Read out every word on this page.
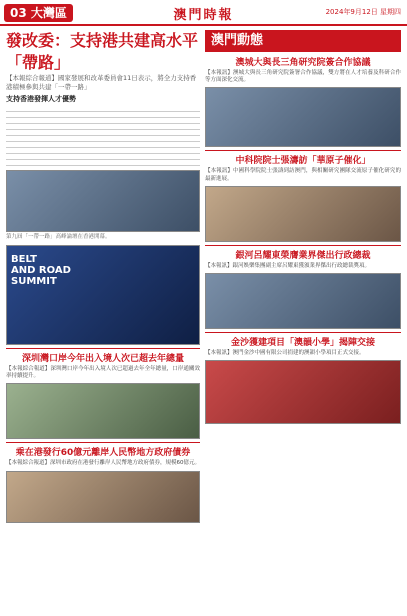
03 大灣區	澳門時報	2024年9月12日 星期四
發改委：支持港共建高水平「帶路」
【本報綜合報道】國家發展和改革委員會11日表示，將全力支持香港積極參與共建「一帶一路」
支持香港發揮人才優勢
第九屆「一帶一路」高峰論壇在香港開幕。
BELT
AND ROAD
SUMMIT
深圳灣口岸今年出入境人次已超去年總量
【本報綜合報道】深圳灣口岸今年出入境人次已超過去年全年總量，口岸通關效率持續提升。
乘在港發行60億元離岸人民幣地方政府債券
【本報綜合報道】深圳市政府在港發行離岸人民幣地方政府債券，規模60億元。
澳門動態
澳城大與長三角研究院簽合作協議
【本報訊】澳城大與長三角研究院簽署合作協議，雙方將在人才培養及科研合作等方面深化交流。
中科院院士張濤訪「華原子催化」
【本報訊】中國科學院院士張濤到訪澳門，與相關研究團隊交流原子催化研究的最新進展。
銀河呂耀東榮膺業界傑出行政總裁
【本報訊】銀河娛樂集團副主席呂耀東獲頒業界傑出行政總裁獎項。
金沙獲建項目「澳韻小學」揭陣交接
【本報訊】澳門金沙中國有限公司捐建的澳韻小學項目正式交接。
